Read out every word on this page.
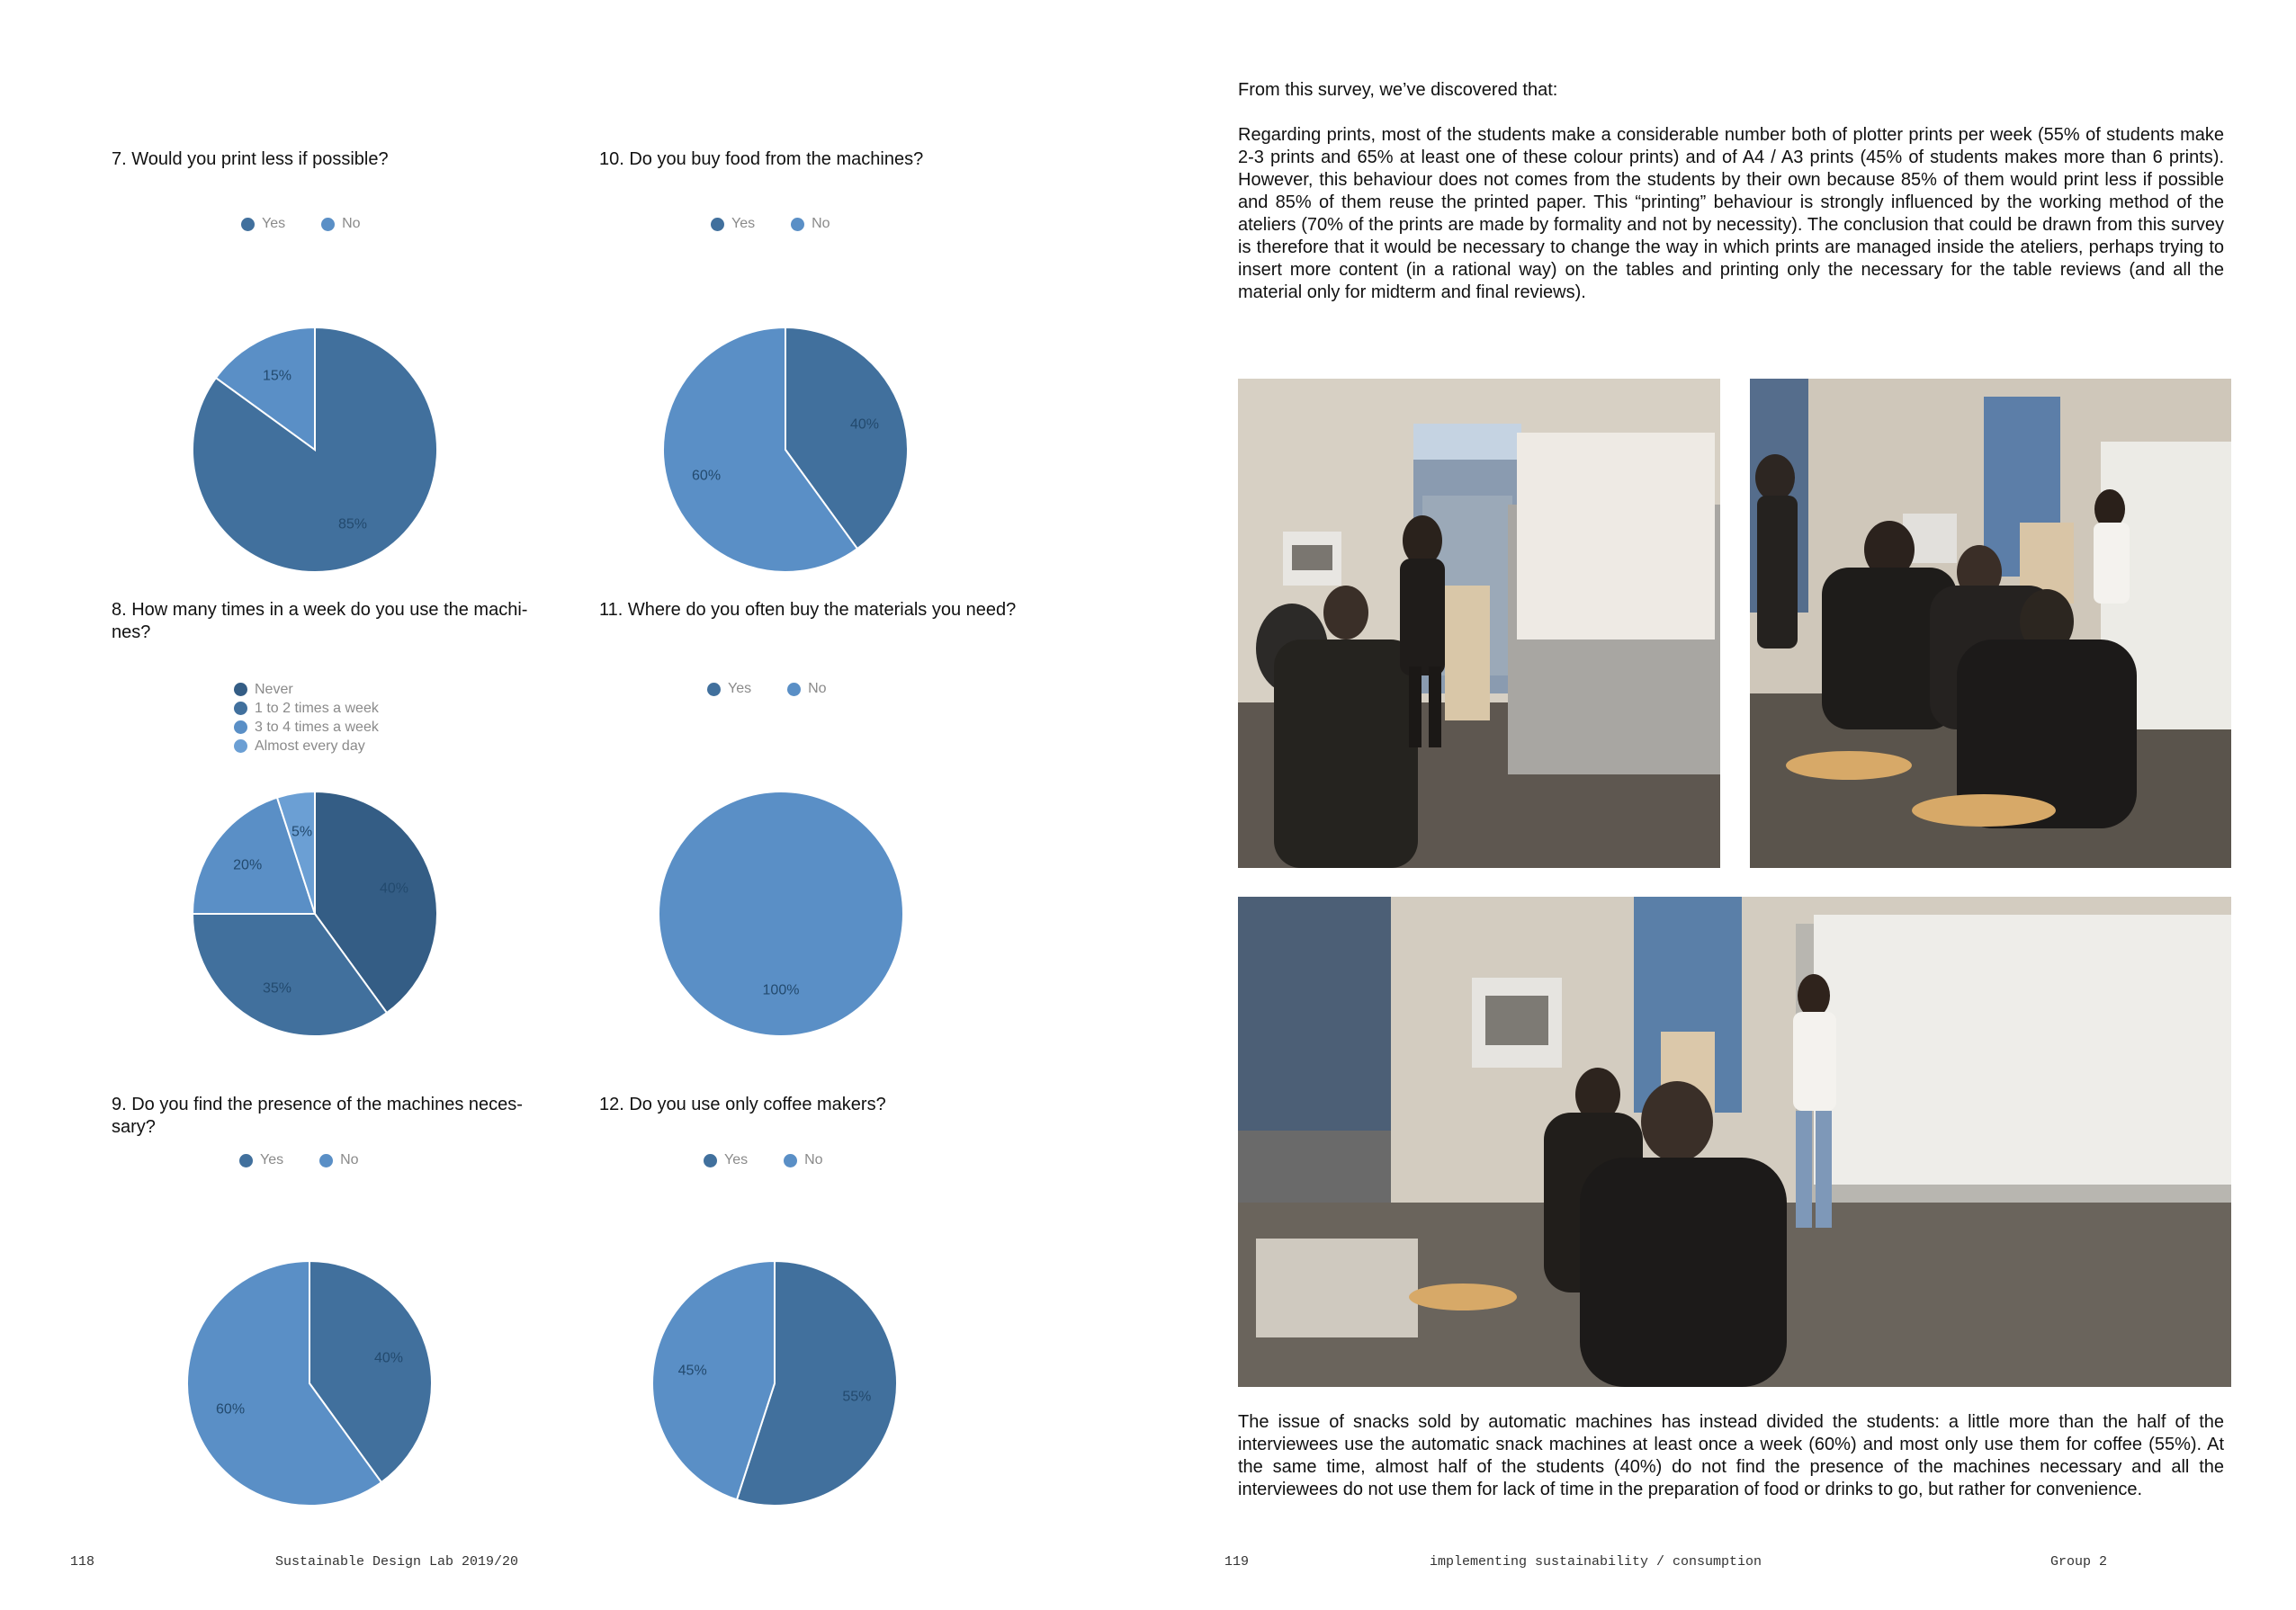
7. Would you print less if possible?	10. Do you buy food from the machines?
8. How many times in a week do you use the machi-
nes?
11. Where do you often buy the materials you need?
9. Do you find the presence of the machines neces-
sary?
12. Do you use only coffee makers?
Yes	No	Yes	No
Never
1 to 2 times a week
3 to 4 times a week
Almost every day
Yes	No
Yes	No	Yes	No
85%
15%
40%
60%
40%
35%
20%
5%
100%
40%
60%
55%
45%
118	Sustainable Design Lab 2019/20

From this survey, we’ve discovered that:

Regarding prints, most of the students make a considerable number both of plotter prints per week (55% of students make 2-3 prints and 65% at least one of these colour prints) and of A4 / A3 prints (45% of students makes more than 6 prints). However, this behaviour does not comes from the students by their own because 85% of them would print less if possible and 85% of them reuse the printed paper. This “printing” behaviour is strongly influenced by the working method of the ateliers (70% of the prints are made by formality and not by necessity). The conclusion that could be drawn from this survey is therefore that it would be necessary to change the way in which prints are managed inside the ateliers, perhaps trying to insert more content (in a rational way) on the tables and printing only the necessary for the table reviews (and all the material only for midterm and final reviews).

The issue of snacks sold by automatic machines has instead divided the students: a little more than the half of the interviewees use the automatic snack machines at least once a week (60%) and most only use them for coffee (55%). At the same time, almost half of the students (40%) do not find the presence of the machines necessary and all the interviewees do not use them for lack of time in the preparation of food or drinks to go, but rather for convenience.
119	implementing sustainability / consumption	Group 2
